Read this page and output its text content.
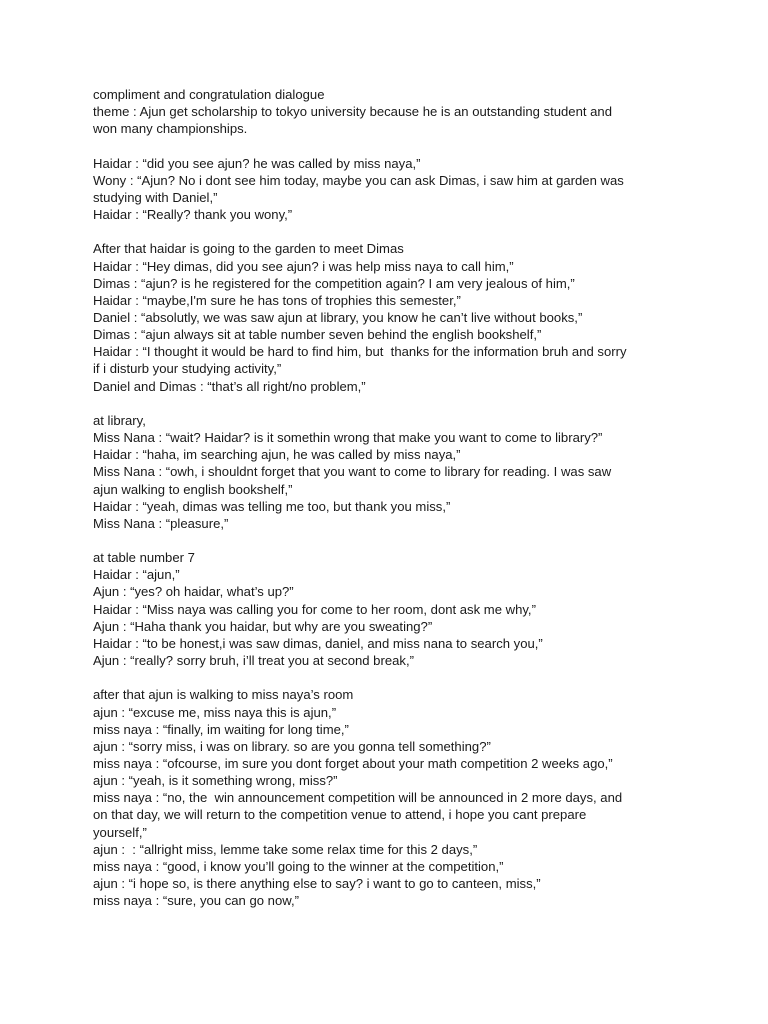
compliment and congratulation dialogue
theme : Ajun get scholarship to tokyo university because he is an outstanding student and
won many championships.
Haidar : “did you see ajun? he was called by miss naya,”
Wony : “Ajun? No i dont see him today, maybe you can ask Dimas, i saw him at garden was
studying with Daniel,”
Haidar : “Really? thank you wony,”
After that haidar is going to the garden to meet Dimas
Haidar : “Hey dimas, did you see ajun? i was help miss naya to call him,”
Dimas : “ajun? is he registered for the competition again? I am very jealous of him,”
Haidar : “maybe,I'm sure he has tons of trophies this semester,”
Daniel : “absolutly, we was saw ajun at library, you know he can’t live without books,”
Dimas : “ajun always sit at table number seven behind the english bookshelf,”
Haidar : “I thought it would be hard to find him, but  thanks for the information bruh and sorry
if i disturb your studying activity,”
Daniel and Dimas : “that’s all right/no problem,”
at library,
Miss Nana : “wait? Haidar? is it somethin wrong that make you want to come to library?”
Haidar : “haha, im searching ajun, he was called by miss naya,”
Miss Nana : “owh, i shouldnt forget that you want to come to library for reading. I was saw
ajun walking to english bookshelf,”
Haidar : “yeah, dimas was telling me too, but thank you miss,”
Miss Nana : “pleasure,”
at table number 7
Haidar : “ajun,”
Ajun : “yes? oh haidar, what’s up?”
Haidar : “Miss naya was calling you for come to her room, dont ask me why,”
Ajun : “Haha thank you haidar, but why are you sweating?”
Haidar : “to be honest,i was saw dimas, daniel, and miss nana to search you,”
Ajun : “really? sorry bruh, i’ll treat you at second break,”
after that ajun is walking to miss naya’s room
ajun : “excuse me, miss naya this is ajun,”
miss naya : “finally, im waiting for long time,”
ajun : “sorry miss, i was on library. so are you gonna tell something?”
miss naya : “ofcourse, im sure you dont forget about your math competition 2 weeks ago,”
ajun : “yeah, is it something wrong, miss?”
miss naya : “no, the  win announcement competition will be announced in 2 more days, and
on that day, we will return to the competition venue to attend, i hope you cant prepare
yourself,”
ajun :  : “allright miss, lemme take some relax time for this 2 days,”
miss naya : “good, i know you’ll going to the winner at the competition,”
ajun : “i hope so, is there anything else to say? i want to go to canteen, miss,”
miss naya : “sure, you can go now,”
